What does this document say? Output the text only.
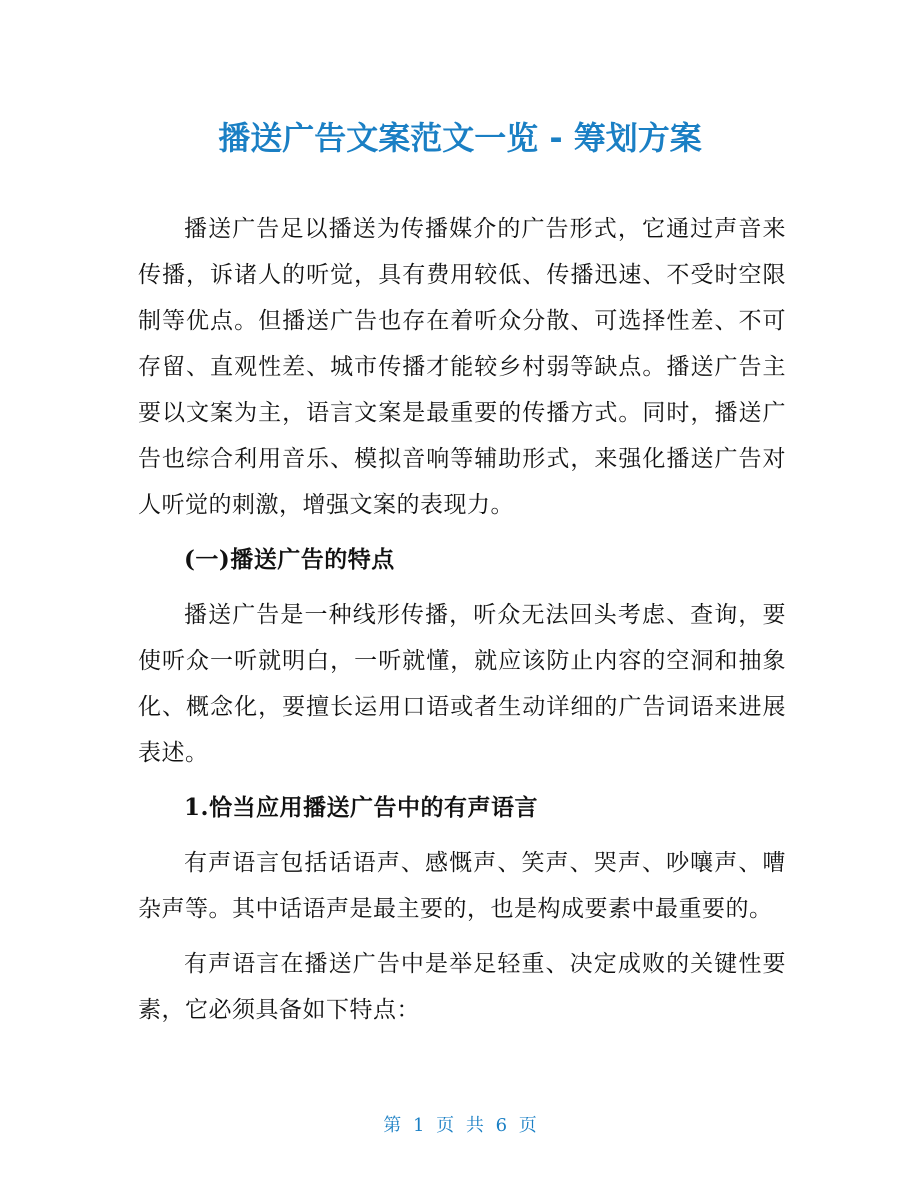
播送广告文案范文一览 - 筹划方案

播送广告足以播送为传播媒介的广告形式，它通过声音来传播，诉诸人的听觉，具有费用较低、传播迅速、不受时空限制等优点。但播送广告也存在着听众分散、可选择性差、不可存留、直观性差、城市传播才能较乡村弱等缺点。播送广告主要以文案为主，语言文案是最重要的传播方式。同时，播送广告也综合利用音乐、模拟音响等辅助形式，来强化播送广告对人听觉的刺激，增强文案的表现力。

(一)播送广告的特点

播送广告是一种线形传播，听众无法回头考虑、查询，要使听众一听就明白，一听就懂，就应该防止内容的空洞和抽象化、概念化，要擅长运用口语或者生动详细的广告词语来进展表述。

1.恰当应用播送广告中的有声语言

有声语言包括话语声、感慨声、笑声、哭声、吵嚷声、嘈杂声等。其中话语声是最主要的，也是构成要素中最重要的。

有声语言在播送广告中是举足轻重、决定成败的关键性要素，它必须具备如下特点：

第 1 页 共 6 页
